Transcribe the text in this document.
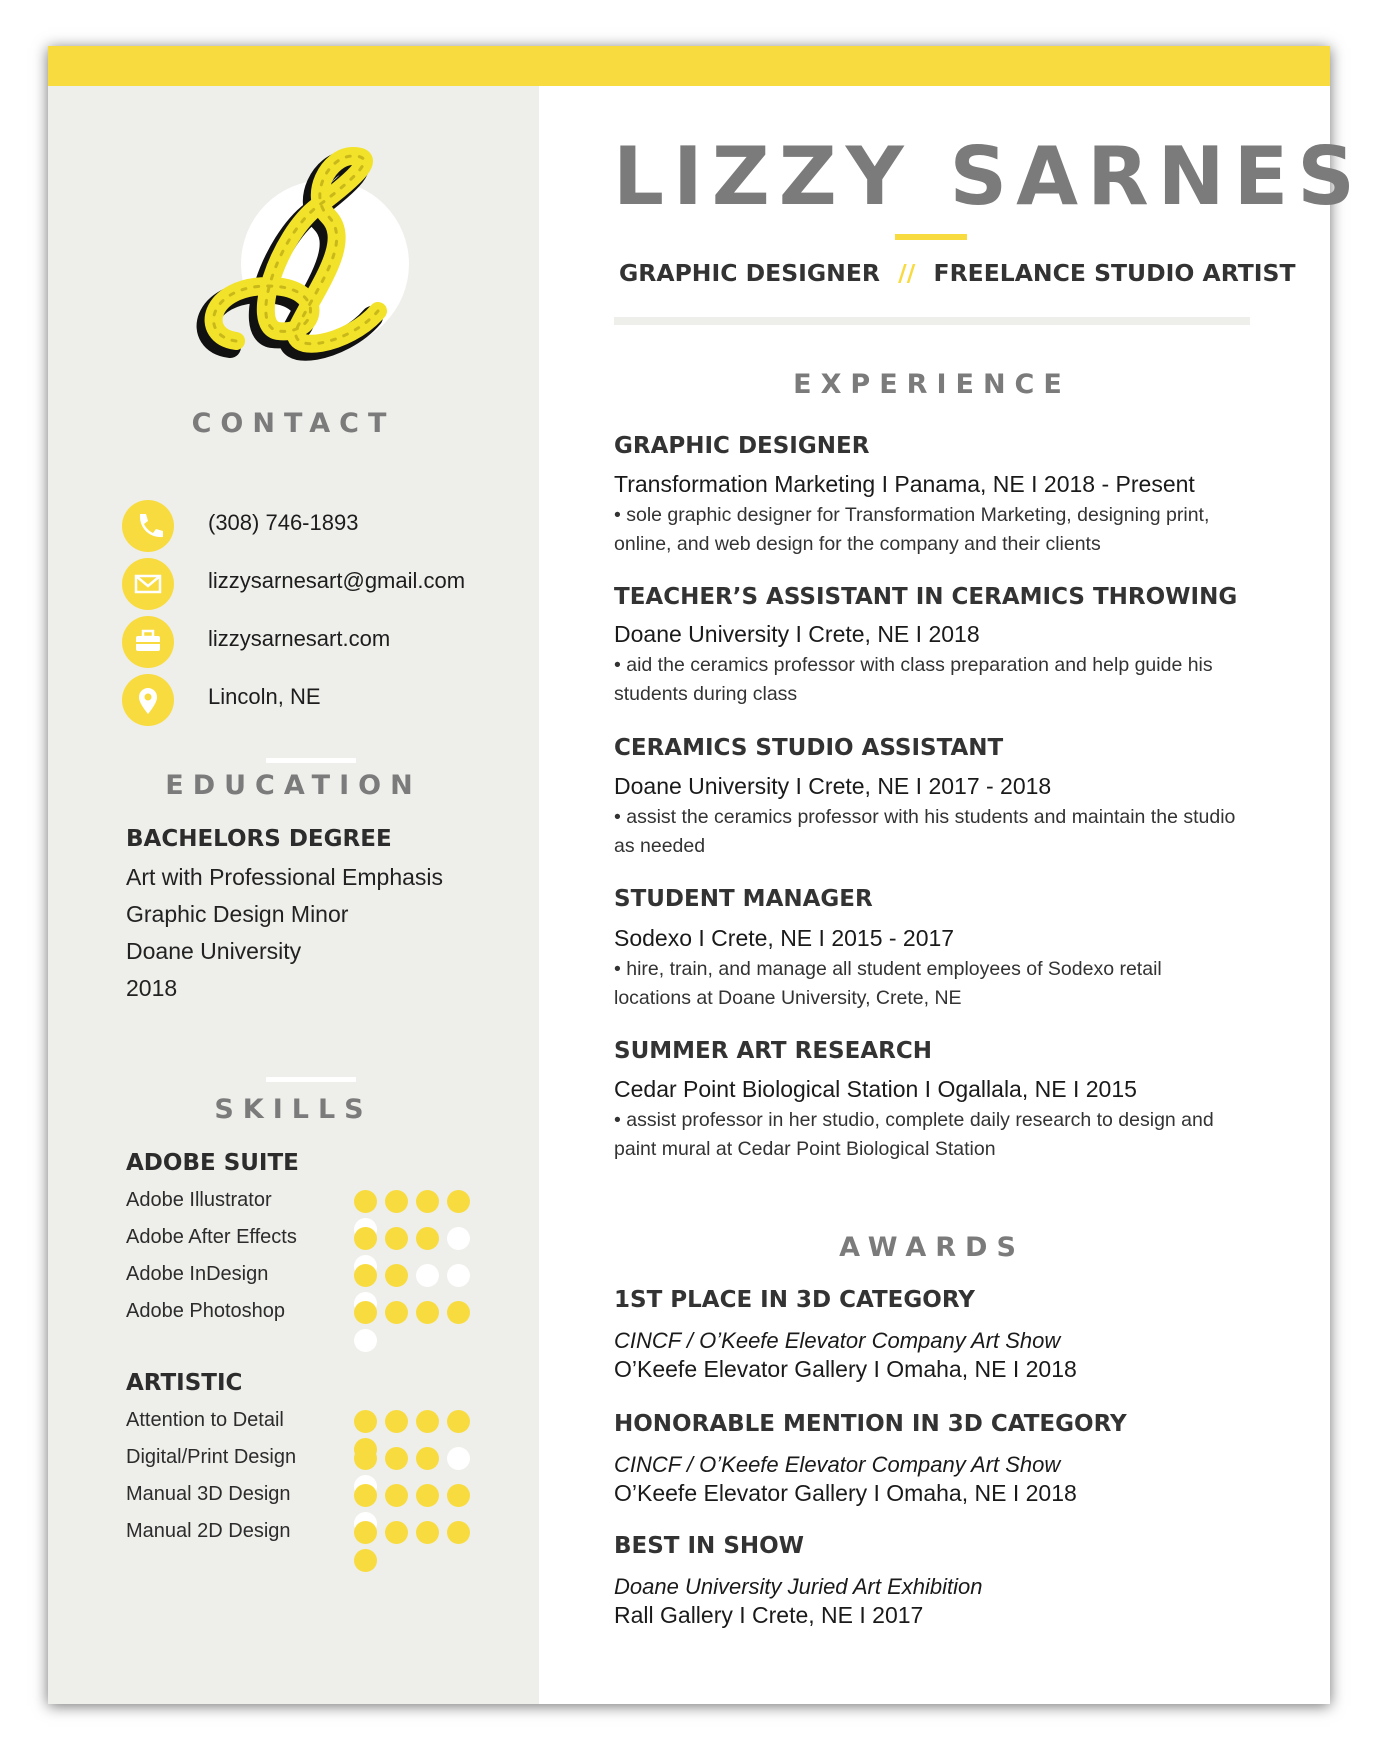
CONTACT
(308) 746-1893
lizzysarnesart@gmail.com
lizzysarnesart.com
Lincoln, NE
EDUCATION
BACHELORS DEGREE
Art with Professional Emphasis
Graphic Design Minor
Doane University
2018
SKILLS
ADOBE SUITE
Adobe Illustrator
Adobe After Effects
Adobe InDesign
Adobe Photoshop
ARTISTIC
Attention to Detail
Digital/Print Design
Manual 3D Design
Manual 2D Design
LIZZY SARNES
GRAPHIC DESIGNER // FREELANCE STUDIO ARTIST
EXPERIENCE
GRAPHIC DESIGNER
Transformation Marketing I Panama, NE I 2018 - Present
• sole graphic designer for Transformation Marketing, designing print, online, and web design for the company and their clients
TEACHER’S ASSISTANT IN CERAMICS THROWING
Doane University I Crete, NE I 2018
• aid the ceramics professor with class preparation and help guide his students during class
CERAMICS STUDIO ASSISTANT
Doane University I Crete, NE I 2017 - 2018
• assist the ceramics professor with his students and maintain the studio as needed
STUDENT MANAGER
Sodexo I Crete, NE I 2015 - 2017
• hire, train, and manage all student employees of Sodexo retail locations at Doane University, Crete, NE
SUMMER ART RESEARCH
Cedar Point Biological Station I Ogallala, NE I 2015
• assist professor in her studio, complete daily research to design and paint mural at Cedar Point Biological Station
AWARDS
1ST PLACE IN 3D CATEGORY
CINCF / O’Keefe Elevator Company Art Show
O’Keefe Elevator Gallery I Omaha, NE I 2018
HONORABLE MENTION IN 3D CATEGORY
CINCF / O’Keefe Elevator Company Art Show
O’Keefe Elevator Gallery I Omaha, NE I 2018
BEST IN SHOW
Doane University Juried Art Exhibition
Rall Gallery I Crete, NE I 2017
